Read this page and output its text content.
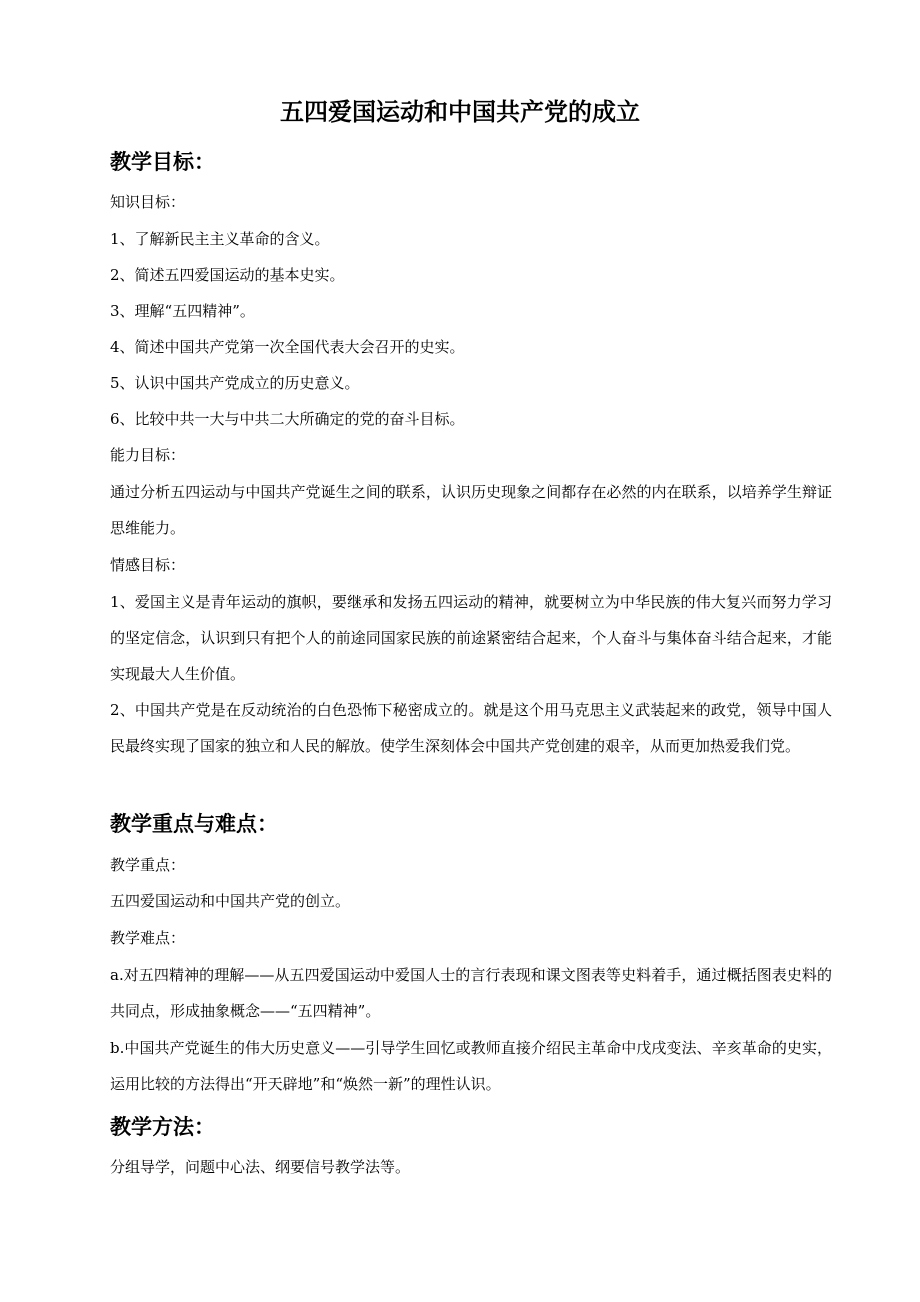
五四爱国运动和中国共产党的成立
教学目标：
知识目标：
1、了解新民主主义革命的含义。
2、简述五四爱国运动的基本史实。
3、理解“五四精神”。
4、简述中国共产党第一次全国代表大会召开的史实。
5、认识中国共产党成立的历史意义。
6、比较中共一大与中共二大所确定的党的奋斗目标。
能力目标：
通过分析五四运动与中国共产党诞生之间的联系，认识历史现象之间都存在必然的内在联系，以培养学生辩证思维能力。
情感目标：
1、爱国主义是青年运动的旗帜，要继承和发扬五四运动的精神，就要树立为中华民族的伟大复兴而努力学习的坚定信念，认识到只有把个人的前途同国家民族的前途紧密结合起来，个人奋斗与集体奋斗结合起来，才能实现最大人生价值。
2、中国共产党是在反动统治的白色恐怖下秘密成立的。就是这个用马克思主义武装起来的政党，领导中国人民最终实现了国家的独立和人民的解放。使学生深刻体会中国共产党创建的艰辛，从而更加热爱我们党。
教学重点与难点：
教学重点：
五四爱国运动和中国共产党的创立。
教学难点：
a.对五四精神的理解——从五四爱国运动中爱国人士的言行表现和课文图表等史料着手，通过概括图表史料的共同点，形成抽象概念——“五四精神”。
b.中国共产党诞生的伟大历史意义——引导学生回忆或教师直接介绍民主革命中戊戌变法、辛亥革命的史实，运用比较的方法得出“开天辟地”和“焕然一新”的理性认识。
教学方法：
分组导学，问题中心法、纲要信号教学法等。
